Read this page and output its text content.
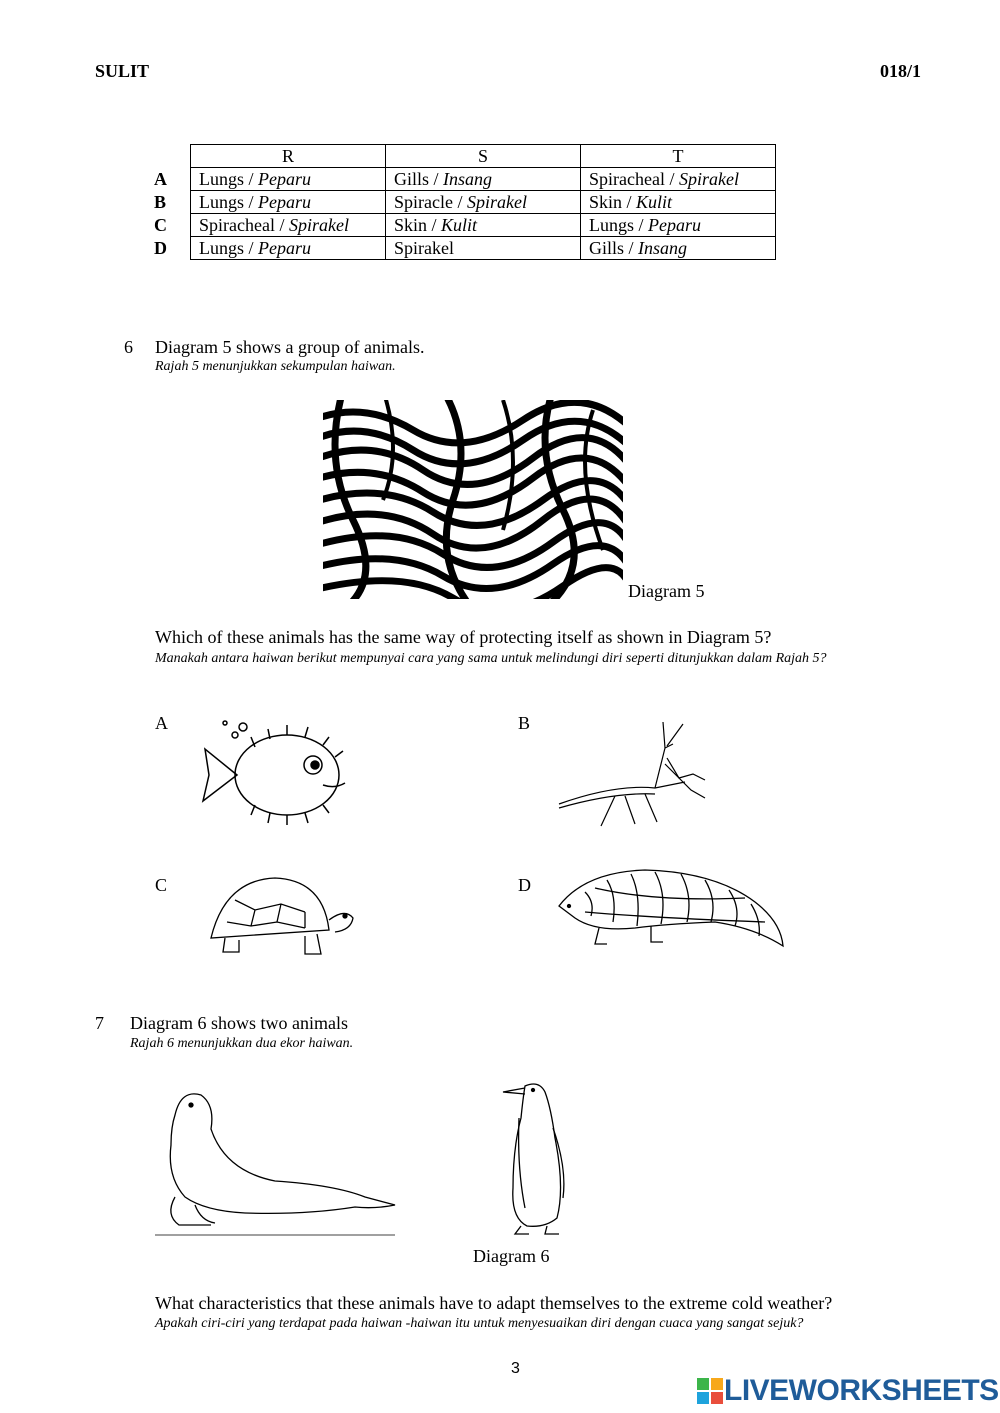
SULIT	018/1
	R	S	T
A	Lungs / Peparu	Gills / Insang	Spiracheal / Spirakel
B	Lungs / Peparu	Spiracle / Spirakel	Skin / Kulit
C	Spiracheal / Spirakel	Skin / Kulit	Lungs / Peparu
D	Lungs / Peparu	Spirakel	Gills / Insang
6 Diagram 5 shows a group of animals.
Rajah 5 menunjukkan sekumpulan haiwan.
Diagram 5
Which of these animals has the same way of protecting itself as shown in Diagram 5?
Manakah antara haiwan berikut mempunyai cara yang sama untuk melindungi diri seperti ditunjukkan dalam Rajah 5?
A	B
C	D
7 Diagram 6 shows two animals
Rajah 6 menunjukkan dua ekor haiwan.
Diagram 6
What characteristics that these animals have to adapt themselves to the extreme cold weather?
Apakah ciri-ciri yang terdapat pada haiwan -haiwan itu untuk menyesuaikan diri dengan cuaca yang sangat sejuk?
3
LIVEWORKSHEETS
